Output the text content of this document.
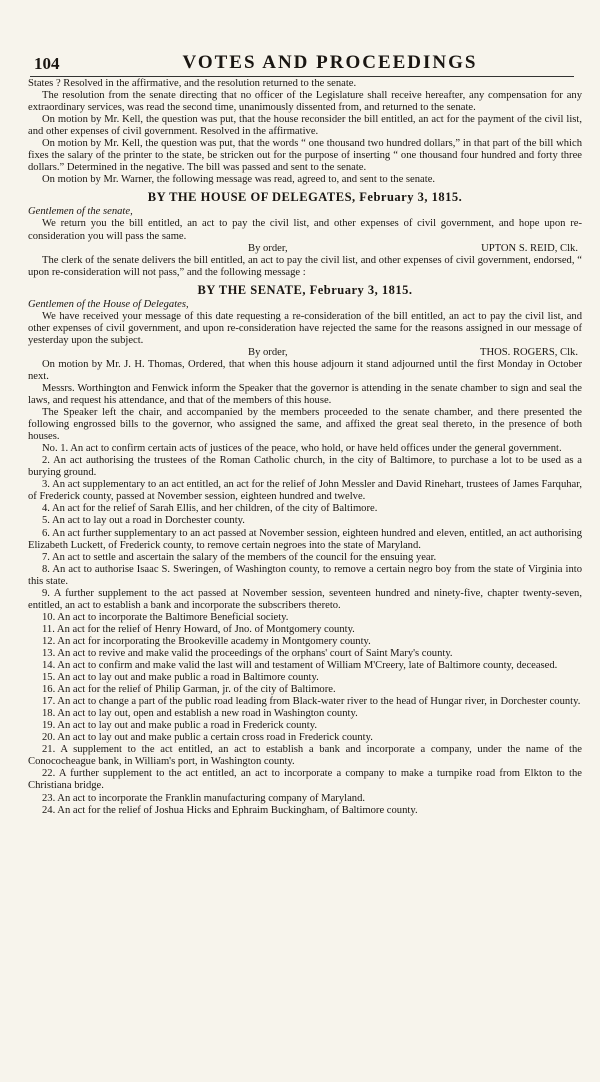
104	VOTES AND PROCEEDINGS

States ? Resolved in the affirmative, and the resolution returned to the senate.

The resolution from the senate directing that no officer of the Legislature shall receive hereafter, any compensation for any extraordinary services, was read the second time, unanimously dissented from, and returned to the senate.

On motion by Mr. Kell, the question was put, that the house reconsider the bill entitled, an act for the payment of the civil list, and other expenses of civil government. Resolved in the affirmative.

On motion by Mr. Kell, the question was put, that the words “ one thousand two hundred dollars,” in that part of the bill which fixes the salary of the printer to the state, be stricken out for the purpose of inserting “ one thousand four hundred and forty three dollars.” Determined in the negative. The bill was passed and sent to the senate.

On motion by Mr. Warner, the following message was read, agreed to, and sent to the senate.

BY THE HOUSE OF DELEGATES, February 3, 1815.
Gentlemen of the senate,

We return you the bill entitled, an act to pay the civil list, and other expenses of civil government, and hope upon re-consideration you will pass the same.

By order,	UPTON S. REID, Clk.

The clerk of the senate delivers the bill entitled, an act to pay the civil list, and other expenses of civil government, endorsed, “ upon re-consideration will not pass,” and the following message :

BY THE SENATE, February 3, 1815.
Gentlemen of the House of Delegates,

We have received your message of this date requesting a re-consideration of the bill entitled, an act to pay the civil list, and other expenses of civil government, and upon re-consideration have rejected the same for the reasons assigned in our message of yesterday upon the subject.

By order,	THOS. ROGERS, Clk.

On motion by Mr. J. H. Thomas, Ordered, that when this house adjourn it stand adjourned until the first Monday in October next.

Messrs. Worthington and Fenwick inform the Speaker that the governor is attending in the senate chamber to sign and seal the laws, and request his attendance, and that of the members of this house.

The Speaker left the chair, and accompanied by the members proceeded to the senate chamber, and there presented the following engrossed bills to the governor, who assigned the same, and affixed the great seal thereto, in the presence of both houses.

No. 1. An act to confirm certain acts of justices of the peace, who hold, or have held offices under the general government.

2. An act authorising the trustees of the Roman Catholic church, in the city of Baltimore, to purchase a lot to be used as a burying ground.

3. An act supplementary to an act entitled, an act for the relief of John Messler and David Rinehart, trustees of James Farquhar, of Frederick county, passed at November session, eighteen hundred and twelve.

4. An act for the relief of Sarah Ellis, and her children, of the city of Baltimore.

5. An act to lay out a road in Dorchester county.

6. An act further supplementary to an act passed at November session, eighteen hundred and eleven, entitled, an act authorising Elizabeth Luckett, of Frederick county, to remove certain negroes into the state of Maryland.

7. An act to settle and ascertain the salary of the members of the council for the ensuing year.

8. An act to authorise Isaac S. Sweringen, of Washington county, to remove a certain negro boy from the state of Virginia into this state.

9. A further supplement to the act passed at November session, seventeen hundred and ninety-five, chapter twenty-seven, entitled, an act to establish a bank and incorporate the subscribers thereto.

10. An act to incorporate the Baltimore Beneficial society.

11. An act for the relief of Henry Howard, of Jno. of Montgomery county.

12. An act for incorporating the Brookeville academy in Montgomery county.

13. An act to revive and make valid the proceedings of the orphans' court of Saint Mary's county.

14. An act to confirm and make valid the last will and testament of William M'Creery, late of Baltimore county, deceased.

15. An act to lay out and make public a road in Baltimore county.

16. An act for the relief of Philip Garman, jr. of the city of Baltimore.

17. An act to change a part of the public road leading from Black-water river to the head of Hungar river, in Dorchester county.

18. An act to lay out, open and establish a new road in Washington county.

19. An act to lay out and make public a road in Frederick county.

20. An act to lay out and make public a certain cross road in Frederick county.

21. A supplement to the act entitled, an act to establish a bank and incorporate a company, under the name of the Conococheague bank, in William's port, in Washington county.

22. A further supplement to the act entitled, an act to incorporate a company to make a turnpike road from Elkton to the Christiana bridge.

23. An act to incorporate the Franklin manufacturing company of Maryland.

24. An act for the relief of Joshua Hicks and Ephraim Buckingham, of Baltimore county.
